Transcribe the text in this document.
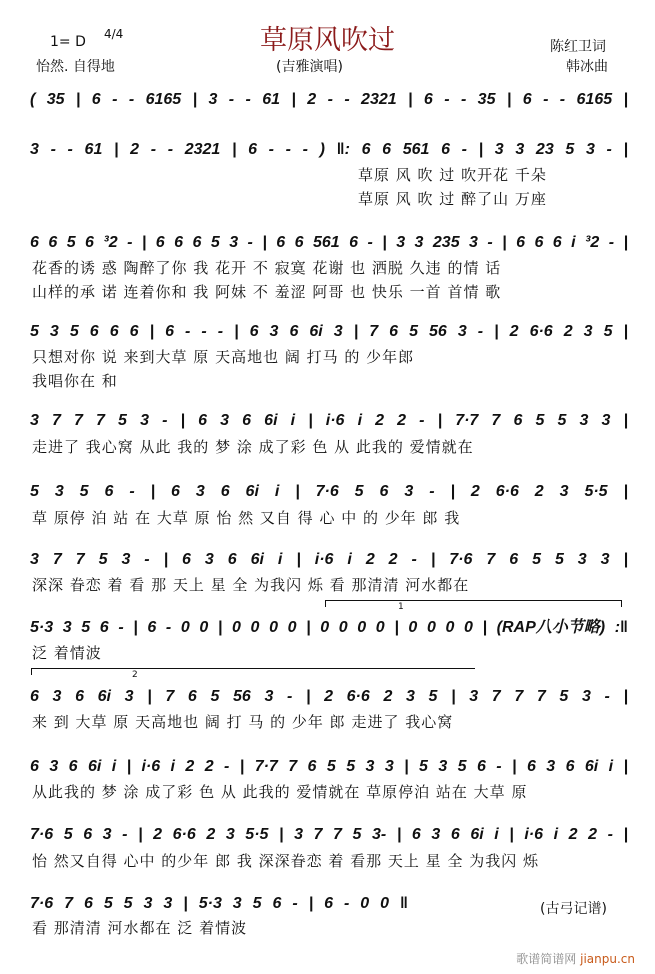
草原风吹过
1= D 4/4
怡然. 自得地	(吉雅演唱)
陈红卫词
韩冰曲
( 35 | 6 - - 6165 | 3 - - 61 | 2 - - 2321 | 6 - - 35 | 6 - - 6165 |
3 - - 61 | 2 - - 2321 | 6 - - - ) ‖: 6 6 561 6 - | 3 3 23 5 3 - |
草原 风 吹 过 吹开花 千朵
草原 风 吹 过 醉了山 万座
6 6 5 6 ³2 - | 6 6 6 5 3 - | 6 6 561 6 - | 3 3 235 3 - | 6 6 6 i ³2 - |
花香的诱 惑 陶醉了你 我 花开 不 寂寞 花谢 也 洒脱 久违 的情 话
山样的承 诺 连着你和 我 阿妹 不 羞涩 阿哥 也 快乐 一首 首情 歌
5 3 5 6 6 6 | 6 - - - | 6 3 6 6i 3 | 7 6 5 56 3 - | 2 6·6 2 3 5 |
只想对你 说 来到大草 原 天高地也 阔 打马 的 少年郎
我唱你在 和
3 7 7 7 5 3 - | 6 3 6 6i i | i·6 i 2 2 - | 7·7 7 6 5 5 3 3 |
走进了 我心窝 从此 我的 梦 涂 成了彩 色 从 此我的 爱情就在
5 3 5 6 - | 6 3 6 6i i | 7·6 5 6 3 - | 2 6·6 2 3 5·5 |
草 原停 泊 站 在 大草 原 怡 然 又自 得 心 中 的 少年 郎 我
3 7 7 5 3 - | 6 3 6 6i i | i·6 i 2 2 - | 7·6 7 6 5 5 3 3 |
深深 眷恋 着 看 那 天上 星 全 为我闪 烁 看 那清清 河水都在
1
5·3 3 5 6 - | 6 - 0 0 | 0 0 0 0 | 0 0 0 0 | 0 0 0 0 | (RAP八小节略) :‖
泛 着情波
2
6 3 6 6i 3 | 7 6 5 56 3 - | 2 6·6 2 3 5 | 3 7 7 7 5 3 - |
来 到 大草 原 天高地也 阔 打 马 的 少年 郎 走进了 我心窝
6 3 6 6i i | i·6 i 2 2 - | 7·7 7 6 5 5 3 3 | 5 3 5 6 - | 6 3 6 6i i |
从此我的 梦 涂 成了彩 色 从 此我的 爱情就在 草原停泊 站在 大草 原
7·6 5 6 3 - | 2 6·6 2 3 5·5 | 3 7 7 5 3- | 6 3 6 6i i | i·6 i 2 2 - |
怡 然又自得 心中 的少年 郎 我 深深眷恋 着 看那 天上 星 全 为我闪 烁
7·6 7 6 5 5 3 3 | 5·3 3 5 6 - | 6 - 0 0 ‖
看 那清清 河水都在 泛 着情波
(古弓记谱)
歌谱简谱网 jianpu.cn
